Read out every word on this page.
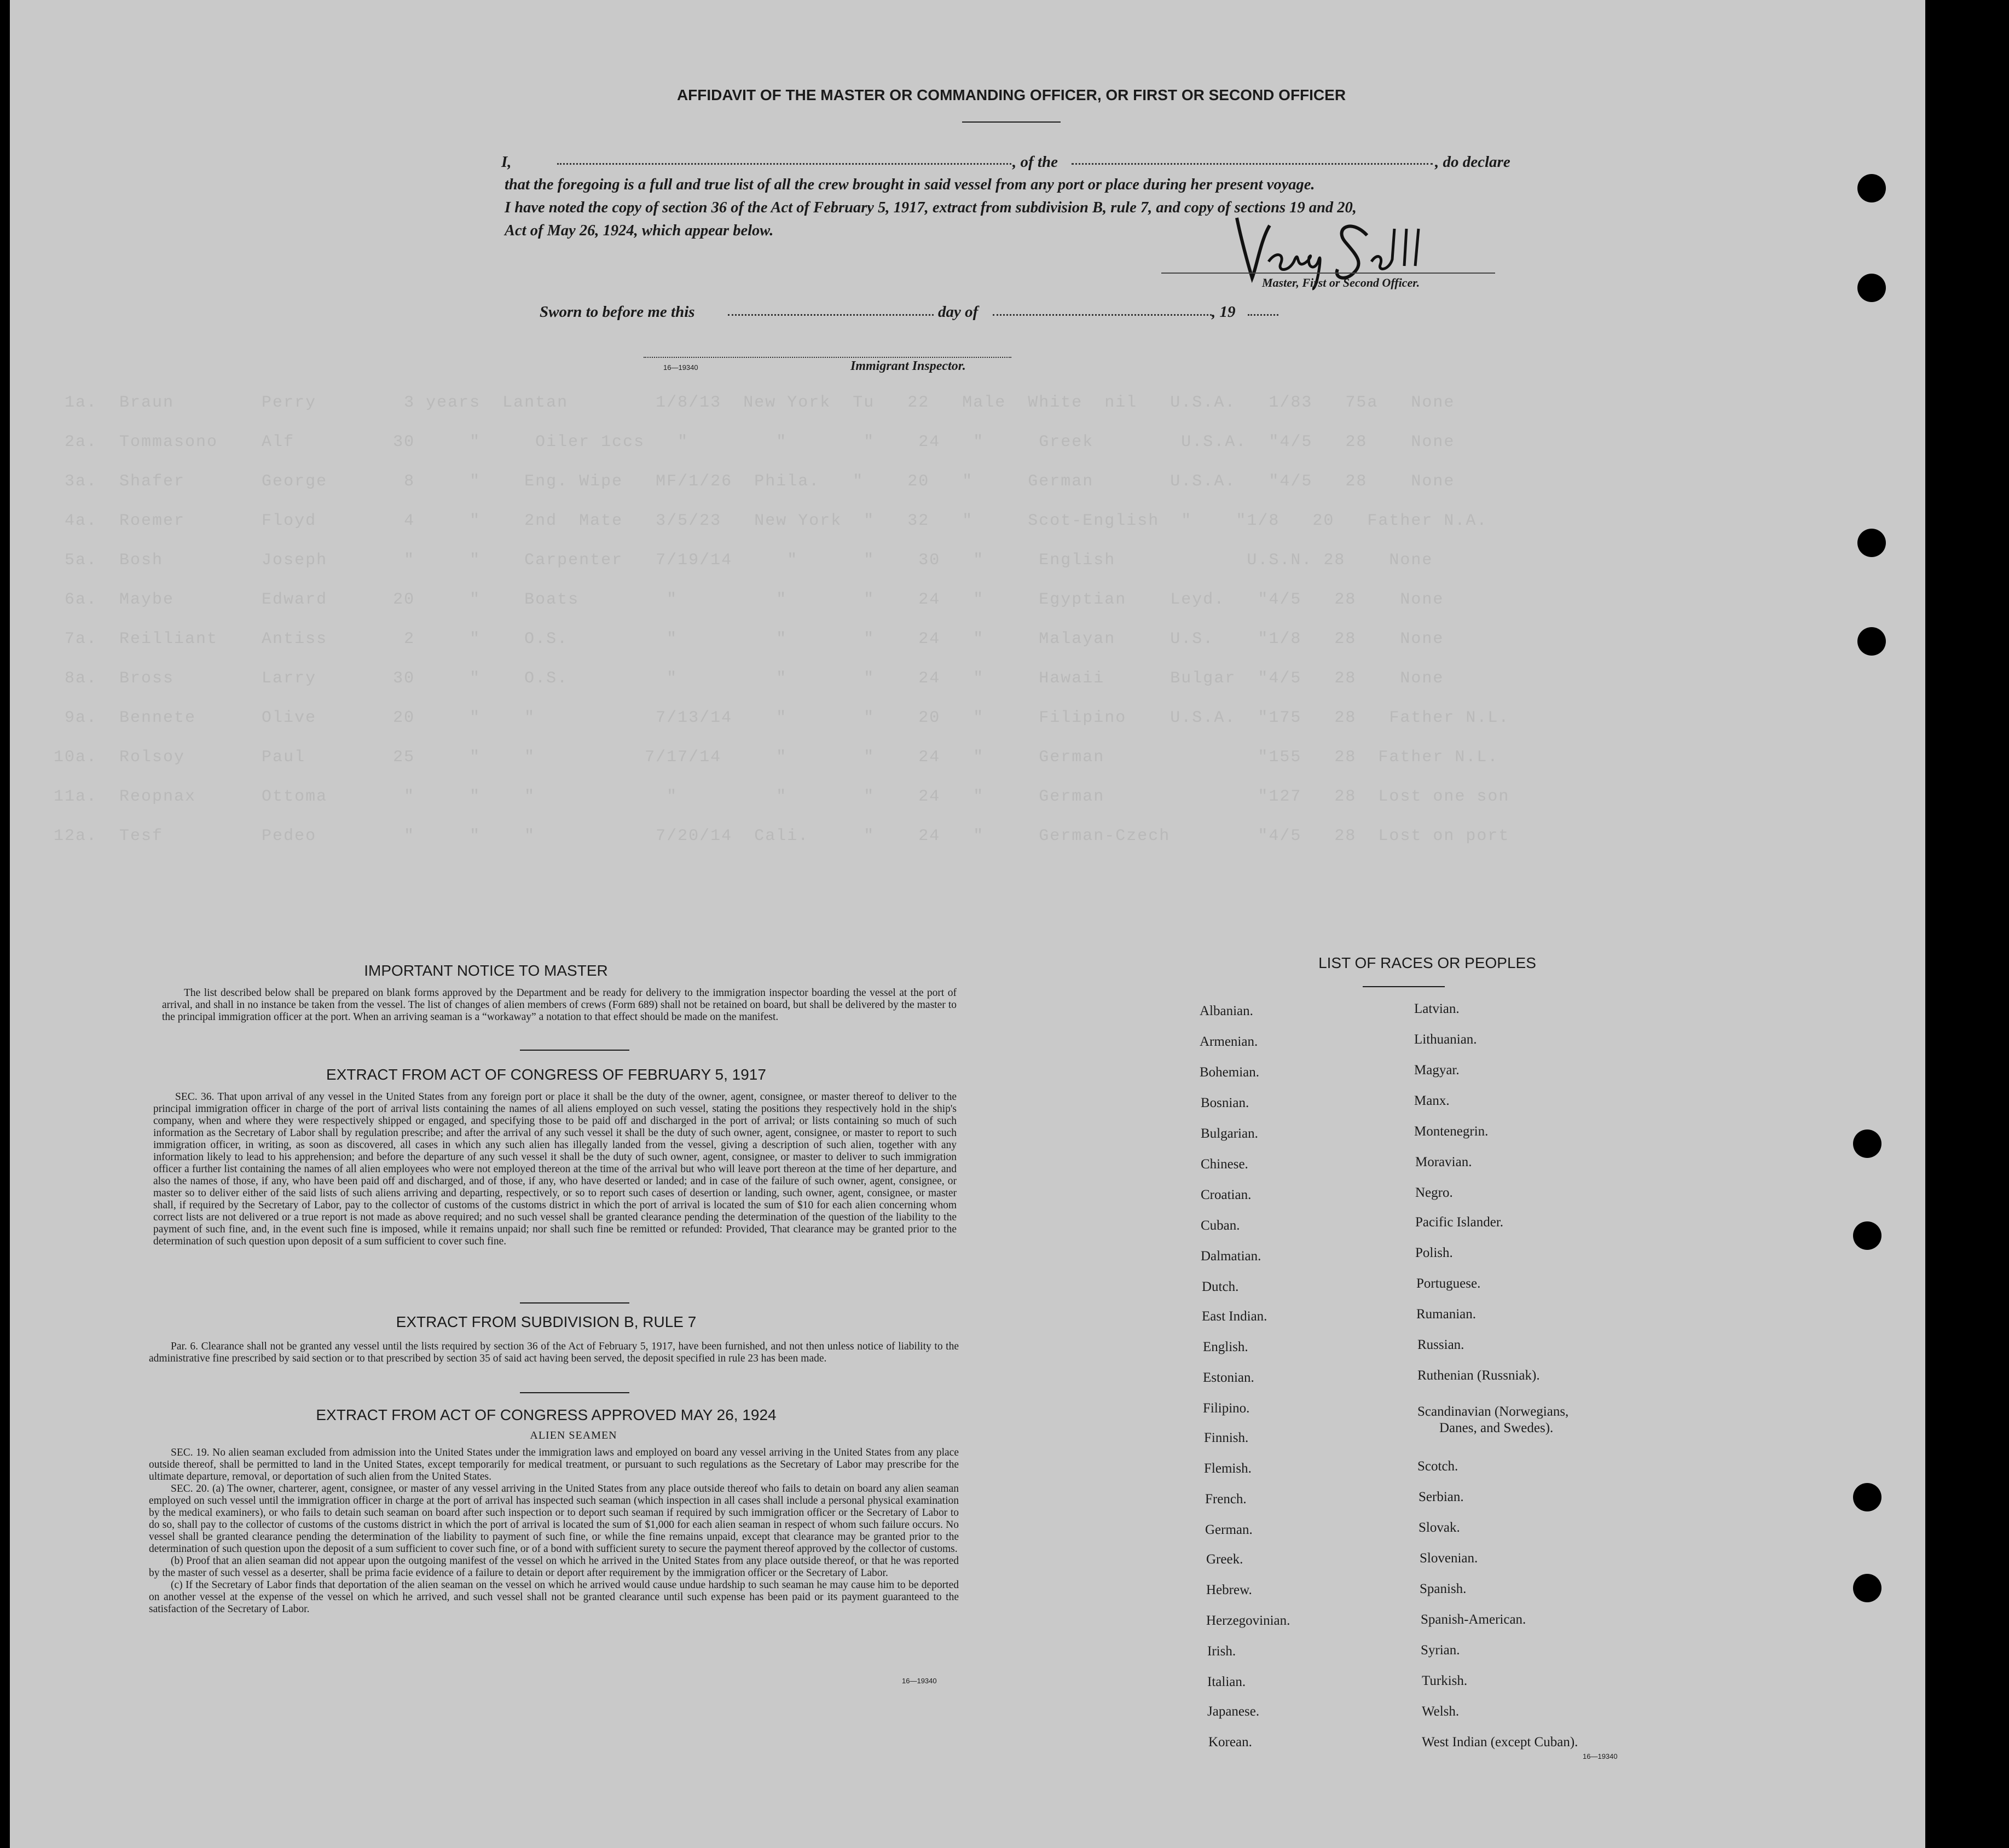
1a.  Braun        Perry        3 years  Lantan        1/8/13  New York  Tu   22   Male  White  nil   U.S.A.   1/83   75a   None
2a.  Tommasono    Alf         30     "     Oiler 1ccs   "        "       "    24   "     Greek        U.S.A.  "4/5   28    None
3a.  Shafer       George       8     "    Eng. Wipe   MF/1/26  Phila.   "    20   "     German       U.S.A.   "4/5   28    None
4a.  Roemer       Floyd        4     "    2nd  Mate   3/5/23   New York  "   32   "     Scot-English  "    "1/8   20   Father N.A.
5a.  Bosh         Joseph       "     "    Carpenter   7/19/14     "      "    30   "     English            U.S.N. 28    None
6a.  Maybe        Edward      20     "    Boats        "         "       "    24   "     Egyptian    Leyd.   "4/5   28    None
7a.  Reilliant    Antiss       2     "    O.S.         "         "       "    24   "     Malayan     U.S.    "1/8   28    None
8a.  Bross        Larry       30     "    O.S.         "         "       "    24   "     Hawaii      Bulgar  "4/5   28    None
9a.  Bennete      Olive       20     "    "           7/13/14    "       "    20   "     Filipino    U.S.A.  "175   28   Father N.L.
10a.  Rolsoy       Paul        25     "    "          7/17/14     "       "    24   "     German              "155   28  Father N.L.
11a.  Reopnax      Ottoma       "     "    "            "         "       "    24   "     German              "127   28  Lost one son
12a.  Tesf         Pedeo        "     "    "           7/20/14  Cali.     "    24   "     German-Czech        "4/5   28  Lost on port
AFFIDAVIT OF THE MASTER OR COMMANDING OFFICER, OR FIRST OR SECOND OFFICER
I,	, of the	, do declare
that the foregoing is a full and true list of all the crew brought in said vessel from any port or place during her present voyage.
I have noted the copy of section 36 of the Act of February 5, 1917, extract from subdivision B, rule 7, and copy of sections 19 and 20,
Act of May 26, 1924, which appear below.
Master, First or Second Officer.
Sworn to before me this	day of	, 19
16—19340	Immigrant Inspector.
IMPORTANT NOTICE TO MASTER

The list described below shall be prepared on blank forms approved by the Department and be ready for delivery to the immigration inspector boarding the vessel at the port of arrival, and shall in no instance be taken from the vessel. The list of changes of alien members of crews (Form 689) shall not be retained on board, but shall be delivered by the master to the principal immigration officer at the port. When an arriving seaman is a “workaway” a notation to that effect should be made on the manifest.

EXTRACT FROM ACT OF CONGRESS OF FEBRUARY 5, 1917

SEC. 36. That upon arrival of any vessel in the United States from any foreign port or place it shall be the duty of the owner, agent, consignee, or master thereof to deliver to the principal immigration officer in charge of the port of arrival lists containing the names of all aliens employed on such vessel, stating the positions they respectively hold in the ship's company, when and where they were respectively shipped or engaged, and specifying those to be paid off and discharged in the port of arrival; or lists containing so much of such information as the Secretary of Labor shall by regulation prescribe; and after the arrival of any such vessel it shall be the duty of such owner, agent, consignee, or master to report to such immigration officer, in writing, as soon as discovered, all cases in which any such alien has illegally landed from the vessel, giving a description of such alien, together with any information likely to lead to his apprehension; and before the departure of any such vessel it shall be the duty of such owner, agent, consignee, or master to deliver to such immigration officer a further list containing the names of all alien employees who were not employed thereon at the time of the arrival but who will leave port thereon at the time of her departure, and also the names of those, if any, who have been paid off and discharged, and of those, if any, who have deserted or landed; and in case of the failure of such owner, agent, consignee, or master so to deliver either of the said lists of such aliens arriving and departing, respectively, or so to report such cases of desertion or landing, such owner, agent, consignee, or master shall, if required by the Secretary of Labor, pay to the collector of customs of the customs district in which the port of arrival is located the sum of $10 for each alien concerning whom correct lists are not delivered or a true report is not made as above required; and no such vessel shall be granted clearance pending the determination of the question of the liability to the payment of such fine, and, in the event such fine is imposed, while it remains unpaid; nor shall such fine be remitted or refunded: Provided, That clearance may be granted prior to the determination of such question upon deposit of a sum sufficient to cover such fine.

EXTRACT FROM SUBDIVISION B, RULE 7

Par. 6. Clearance shall not be granted any vessel until the lists required by section 36 of the Act of February 5, 1917, have been furnished, and not then unless notice of liability to the administrative fine prescribed by said section or to that prescribed by section 35 of said act having been served, the deposit specified in rule 23 has been made.

EXTRACT FROM ACT OF CONGRESS APPROVED MAY 26, 1924
ALIEN SEAMEN

SEC. 19. No alien seaman excluded from admission into the United States under the immigration laws and employed on board any vessel arriving in the United States from any place outside thereof, shall be permitted to land in the United States, except temporarily for medical treatment, or pursuant to such regulations as the Secretary of Labor may prescribe for the ultimate departure, removal, or deportation of such alien from the United States.

SEC. 20. (a) The owner, charterer, agent, consignee, or master of any vessel arriving in the United States from any place outside thereof who fails to detain on board any alien seaman employed on such vessel until the immigration officer in charge at the port of arrival has inspected such seaman (which inspection in all cases shall include a personal physical examination by the medical examiners), or who fails to detain such seaman on board after such inspection or to deport such seaman if required by such immigration officer or the Secretary of Labor to do so, shall pay to the collector of customs of the customs district in which the port of arrival is located the sum of $1,000 for each alien seaman in respect of whom such failure occurs. No vessel shall be granted clearance pending the determination of the liability to payment of such fine, or while the fine remains unpaid, except that clearance may be granted prior to the determination of such question upon the deposit of a sum sufficient to cover such fine, or of a bond with sufficient surety to secure the payment thereof approved by the collector of customs.

(b) Proof that an alien seaman did not appear upon the outgoing manifest of the vessel on which he arrived in the United States from any place outside thereof, or that he was reported by the master of such vessel as a deserter, shall be prima facie evidence of a failure to detain or deport after requirement by the immigration officer or the Secretary of Labor.

(c) If the Secretary of Labor finds that deportation of the alien seaman on the vessel on which he arrived would cause undue hardship to such seaman he may cause him to be deported on another vessel at the expense of the vessel on which he arrived, and such vessel shall not be granted clearance until such expense has been paid or its payment guaranteed to the satisfaction of the Secretary of Labor.

16—19340
LIST OF RACES OR PEOPLES
Albanian.
Armenian.
Bohemian.
Bosnian.
Bulgarian.
Chinese.
Croatian.
Cuban.
Dalmatian.
Dutch.
East Indian.
English.
Estonian.
Filipino.
Finnish.
Flemish.
French.
German.
Greek.
Hebrew.
Herzegovinian.
Irish.
Italian.
Japanese.
Korean.
Latvian.
Lithuanian.
Magyar.
Manx.
Montenegrin.
Moravian.
Negro.
Pacific Islander.
Polish.
Portuguese.
Rumanian.
Russian.
Ruthenian (Russniak).
Scandinavian (Norwegians,
Danes, and Swedes).
Scotch.
Serbian.
Slovak.
Slovenian.
Spanish.
Spanish-American.
Syrian.
Turkish.
Welsh.
West Indian (except Cuban).
16—19340
